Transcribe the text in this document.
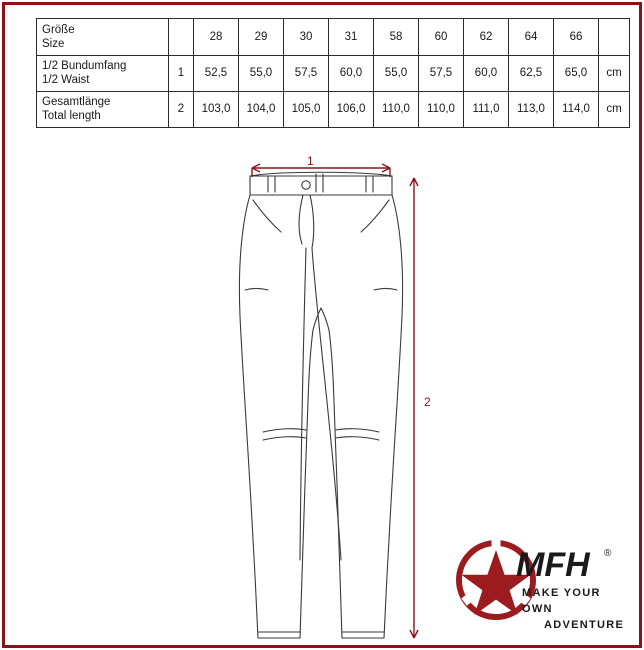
Größe
Size		28	29	30	31	58	60	62	64	66	

1/2 Bundumfang
1/2 Waist	1	52,5	55,0	57,5	60,0	55,0	57,5	60,0	62,5	65,0	cm

Gesamtlänge
Total length	2	103,0	104,0	105,0	106,0	110,0	110,0	111,0	113,0	114,0	cm
1
2
MFH ®
MAKE YOUR OWN
ADVENTURE
